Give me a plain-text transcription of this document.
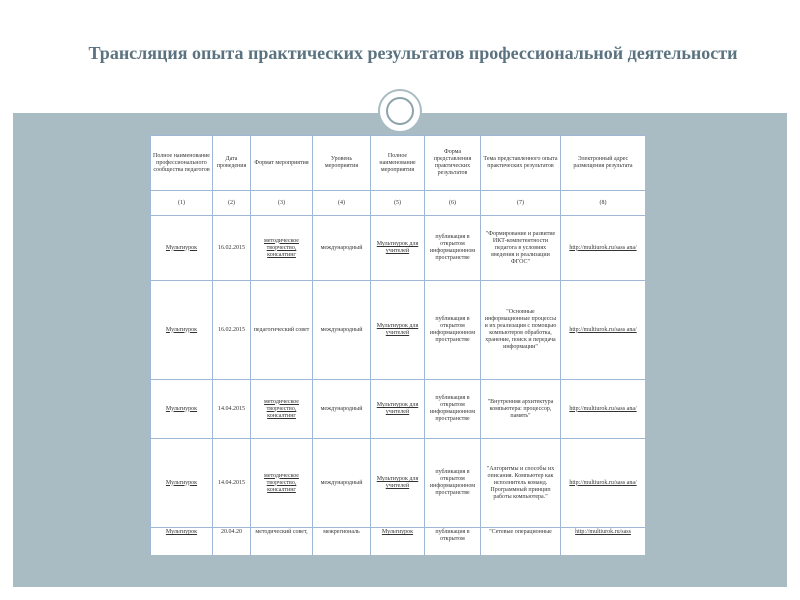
Трансляция опыта практических результатов профессиональной деятельности
Полное наименование профессионального сообщества педагогов	Дата проведения	Формат мероприятия	Уровень мероприятия	Полное наименование мероприятия	Форма представления практических результатов	Тема представленного опыта практических результатов	Электронный адрес размещения результата
(1)	(2)	(3)	(4)	(5)	(6)	(7)	(8)
Мультиурок	16.02.2015	методическое творчество, консалтинг	международный	Мультиурок для учителей	публикация в открытом информационном пространстве	"Формирование и развитие ИКТ-компетентности педагога в условиях введения и реализации ФГОС"	http://multiurok.ru/sass ana/
Мультиурок	16.02.2015	педагогический совет	международный	Мультиурок для учителей	публикация в открытом информационном пространстве	"Основные информационные процессы и их реализация с помощью компьютеров обработка, хранение, поиск и передача информации"	http://multiurok.ru/sass ana/
Мультиурок	14.04.2015	методическое творчество, консалтинг	международный	Мультиурок для учителей	публикация в открытом информационном пространстве	"Внутренняя архитектура компьютера: процессор, память"	http://multiurok.ru/sass ana/
Мультиурок	14.04.2015	методическое творчество, консалтинг	международный	Мультиурок для учителей	публикация в открытом информационном пространстве	"Алгоритмы и способы их описания. Компьютер как исполнитель команд. Программный принцип работы компьютера."	http://multiurok.ru/sass ana/
Мультиурок	20.04.20	методический совет,	межрегиональ	Мультиурок	публикация в открытом	"Сетевые операционные	http://multiurok.ru/sass
